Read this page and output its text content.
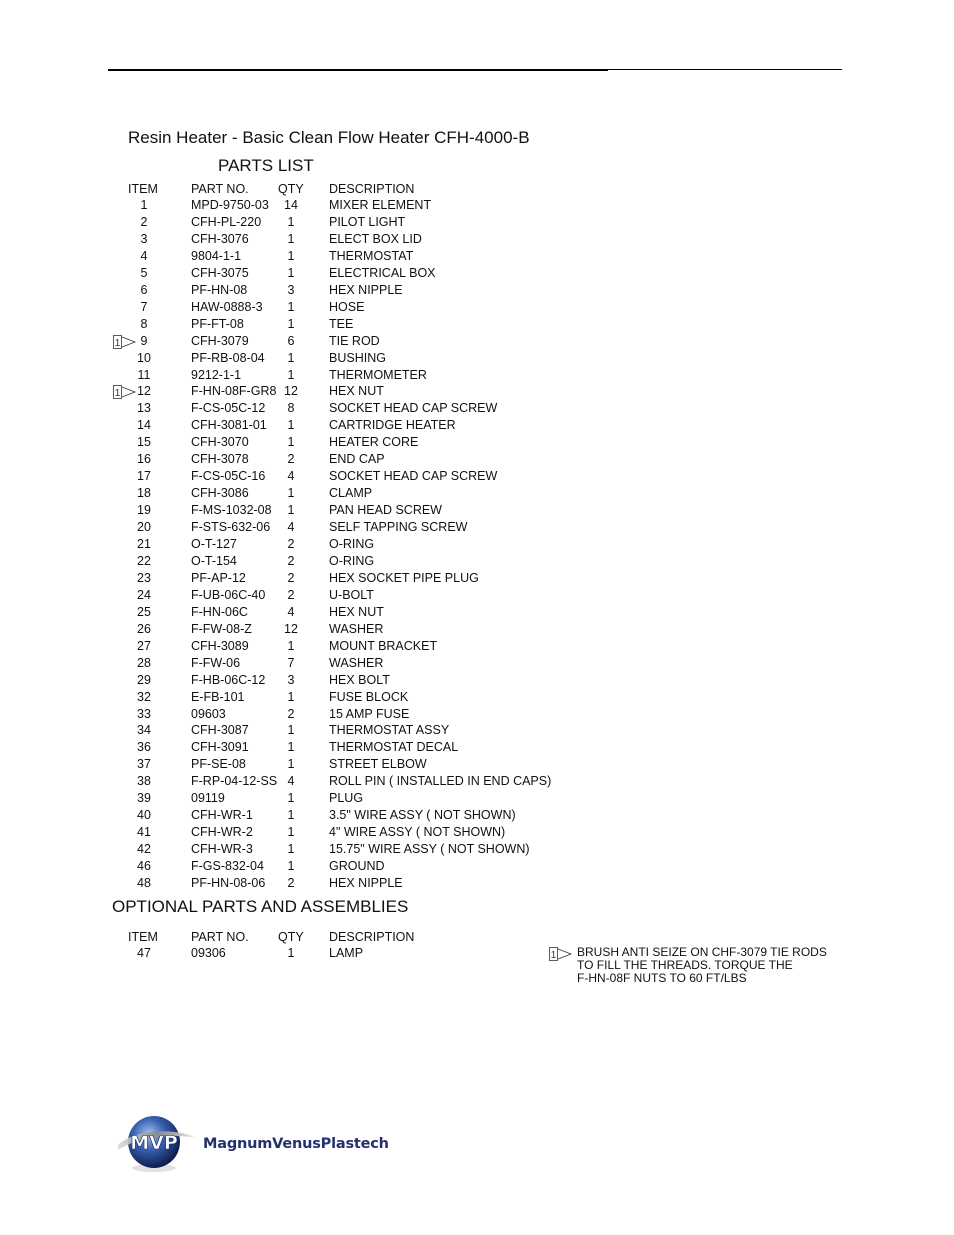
Resin Heater - Basic Clean Flow Heater CFH-4000-B
PARTS LIST
ITEM	PART NO. QTY DESCRIPTION
1	MPD-9750-03	14	MIXER ELEMENT
2	CFH-PL-220	1	PILOT LIGHT
3	CFH-3076	1	ELECT BOX LID
4	9804-1-1	1	THERMOSTAT
5	CFH-3075	1	ELECTRICAL BOX
6	PF-HN-08	3	HEX NIPPLE
7	HAW-0888-3	1	HOSE
8	PF-FT-08	1	TEE
9	CFH-3079	6	TIE ROD
1
10	PF-RB-08-04	1	BUSHING
11	9212-1-1	1	THERMOMETER
12	F-HN-08F-GR8 12	HEX NUT
1
13	F-CS-05C-12	8	SOCKET HEAD CAP SCREW
14	CFH-3081-01	1	CARTRIDGE HEATER
15	CFH-3070	1	HEATER CORE
16	CFH-3078	2	END CAP
17	F-CS-05C-16	4	SOCKET HEAD CAP SCREW
18	CFH-3086	1	CLAMP
19	F-MS-1032-08	1	PAN HEAD SCREW
20	F-STS-632-06	4	SELF TAPPING SCREW
21	O-T-127	2	O-RING
22	O-T-154	2	O-RING
23	PF-AP-12	2	HEX SOCKET PIPE PLUG
24	F-UB-06C-40	2	U-BOLT
25	F-HN-06C	4	HEX NUT
26	F-FW-08-Z	12	WASHER
27	CFH-3089	1	MOUNT BRACKET
28	F-FW-06	7	WASHER
29	F-HB-06C-12	3	HEX BOLT
32	E-FB-101	1	FUSE BLOCK
33	09603	2	15 AMP FUSE
34	CFH-3087	1	THERMOSTAT ASSY
36	CFH-3091	1	THERMOSTAT DECAL
37	PF-SE-08	1	STREET ELBOW
38	F-RP-04-12-SS 4	ROLL PIN ( INSTALLED IN END CAPS)
39	09119	1	PLUG
40	CFH-WR-1	1	3.5" WIRE ASSY ( NOT SHOWN)
41	CFH-WR-2	1	4" WIRE ASSY ( NOT SHOWN)
42	CFH-WR-3	1	15.75" WIRE ASSY ( NOT SHOWN)
46	F-GS-832-04	1	GROUND
48	PF-HN-08-06	2	HEX NIPPLE
OPTIONAL PARTS AND ASSEMBLIES
ITEM	PART NO. QTY DESCRIPTION
47	09306	1	LAMP	1 BRUSH ANTI SEIZE ON CHF-3079 TIE RODS
TO FILL THE THREADS. TORQUE THE
F-HN-08F NUTS TO 60 FT/LBS
MVP MagnumVenusPlastech
